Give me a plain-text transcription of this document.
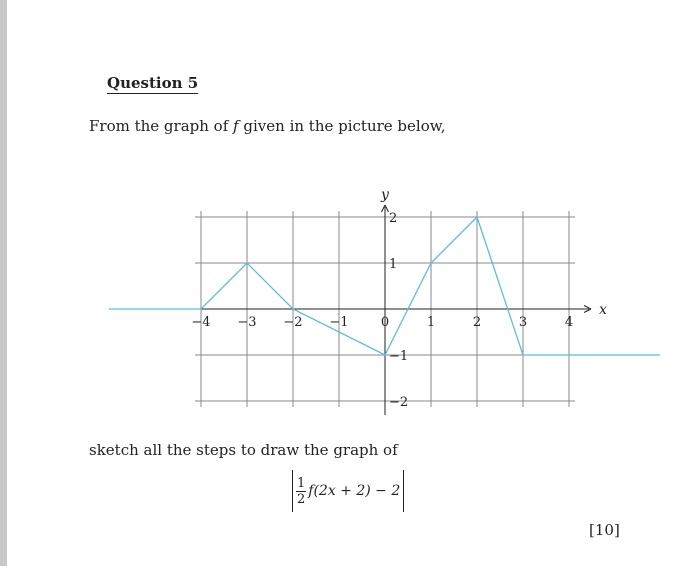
Question 5
From the graph of f given in the picture below,
x
y
−4 −3 −2 −1 0	1	2	3	4
2
1
−1
−2
sketch all the steps to draw the graph of
$\frac{1}{2} f(2x + 2) - 2$
[10]
